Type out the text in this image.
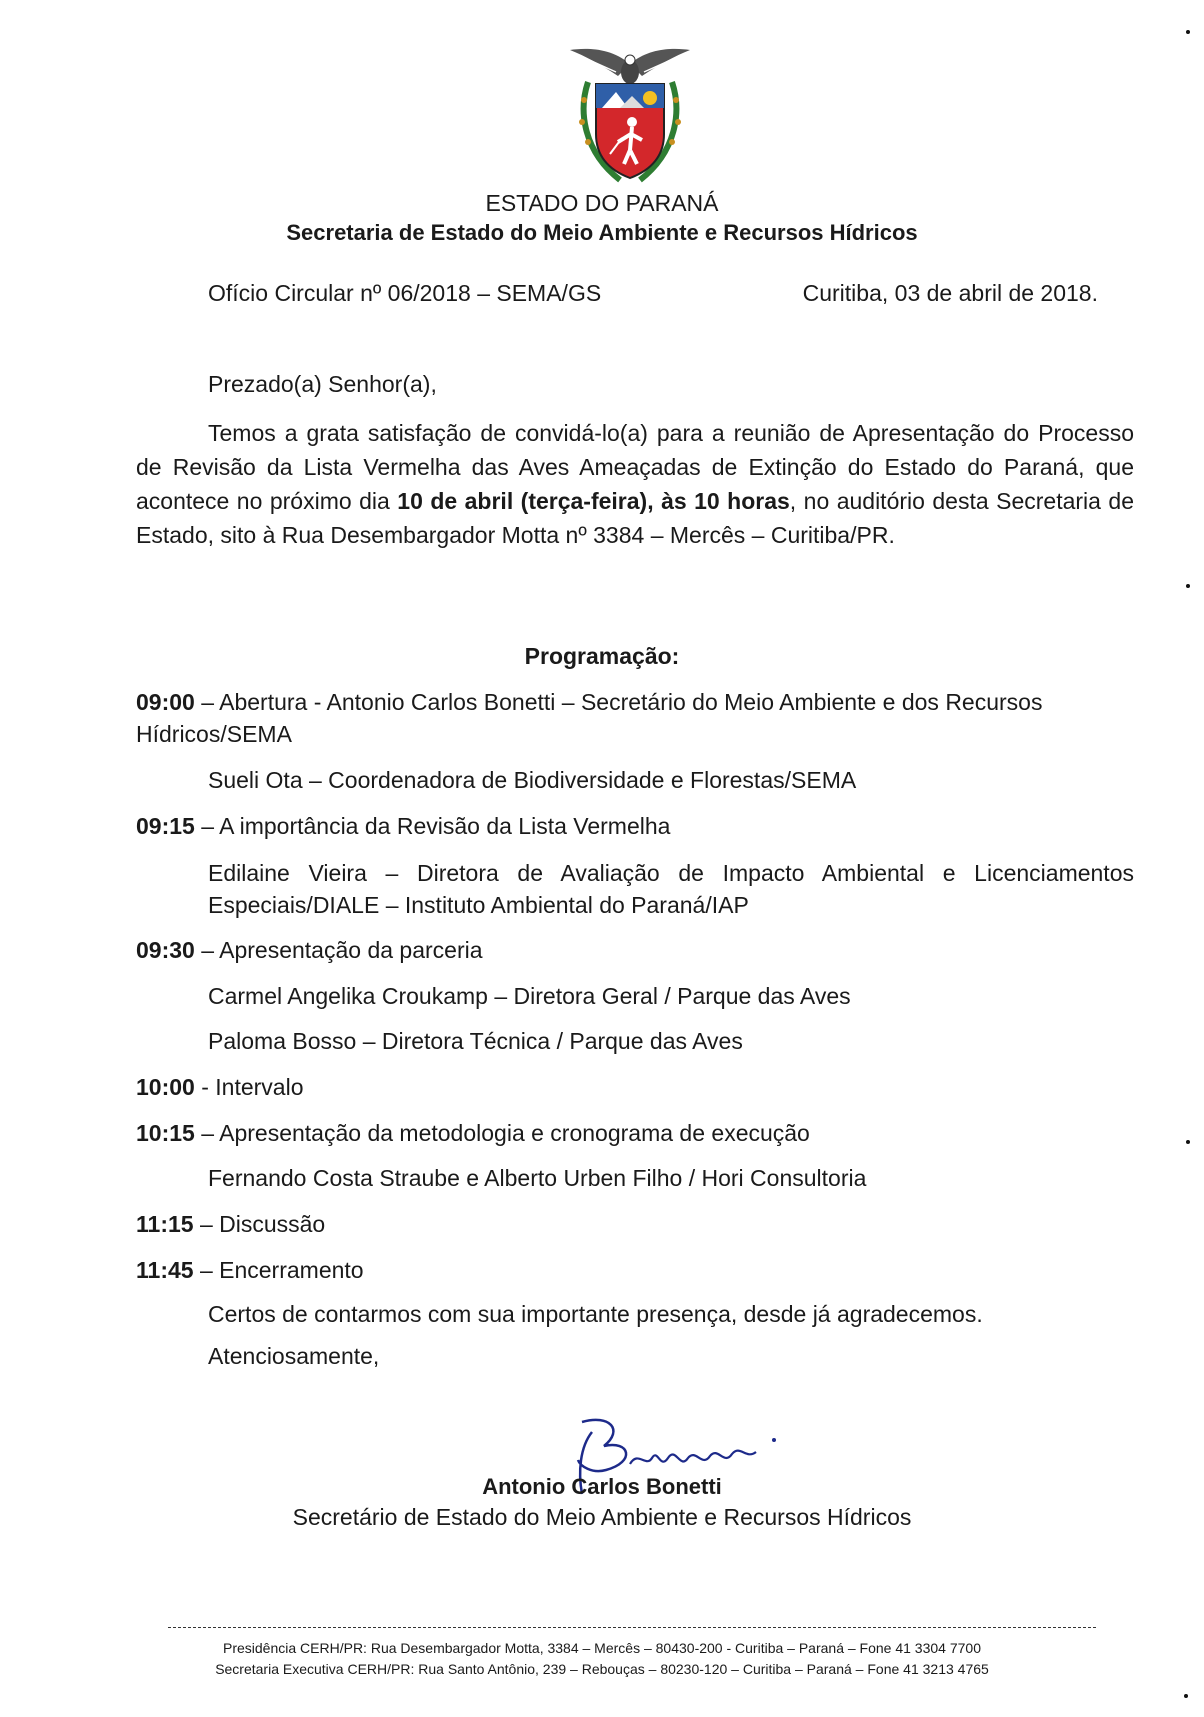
ESTADO DO PARANÁ
Secretaria de Estado do Meio Ambiente e Recursos Hídricos
Ofício Circular nº 06/2018 – SEMA/GS	Curitiba, 03 de abril de 2018.
Prezado(a) Senhor(a),

Temos a grata satisfação de convidá-lo(a) para a reunião de Apresentação do Processo de Revisão da Lista Vermelha das Aves Ameaçadas de Extinção do Estado do Paraná, que acontece no próximo dia 10 de abril (terça-feira), às 10 horas, no auditório desta Secretaria de Estado, sito à Rua Desembargador Motta nº 3384 – Mercês – Curitiba/PR.

Programação:
09:00 – Abertura - Antonio Carlos Bonetti – Secretário do Meio Ambiente e dos Recursos Hídricos/SEMA
Sueli Ota – Coordenadora de Biodiversidade e Florestas/SEMA
09:15 – A importância da Revisão da Lista Vermelha
Edilaine Vieira – Diretora de Avaliação de Impacto Ambiental e Licenciamentos Especiais/DIALE – Instituto Ambiental do Paraná/IAP
09:30 – Apresentação da parceria
Carmel Angelika Croukamp – Diretora Geral / Parque das Aves
Paloma Bosso – Diretora Técnica / Parque das Aves
10:00 - Intervalo
10:15 – Apresentação da metodologia e cronograma de execução
Fernando Costa Straube e Alberto Urben Filho / Hori Consultoria
11:15 – Discussão
11:45 – Encerramento
Certos de contarmos com sua importante presença, desde já agradecemos.
Atenciosamente,
Antonio Carlos Bonetti
Secretário de Estado do Meio Ambiente e Recursos Hídricos
Presidência CERH/PR: Rua Desembargador Motta, 3384 – Mercês – 80430-200 - Curitiba – Paraná – Fone 41 3304 7700
Secretaria Executiva CERH/PR: Rua Santo Antônio, 239 – Rebouças – 80230-120 – Curitiba – Paraná – Fone 41 3213 4765
